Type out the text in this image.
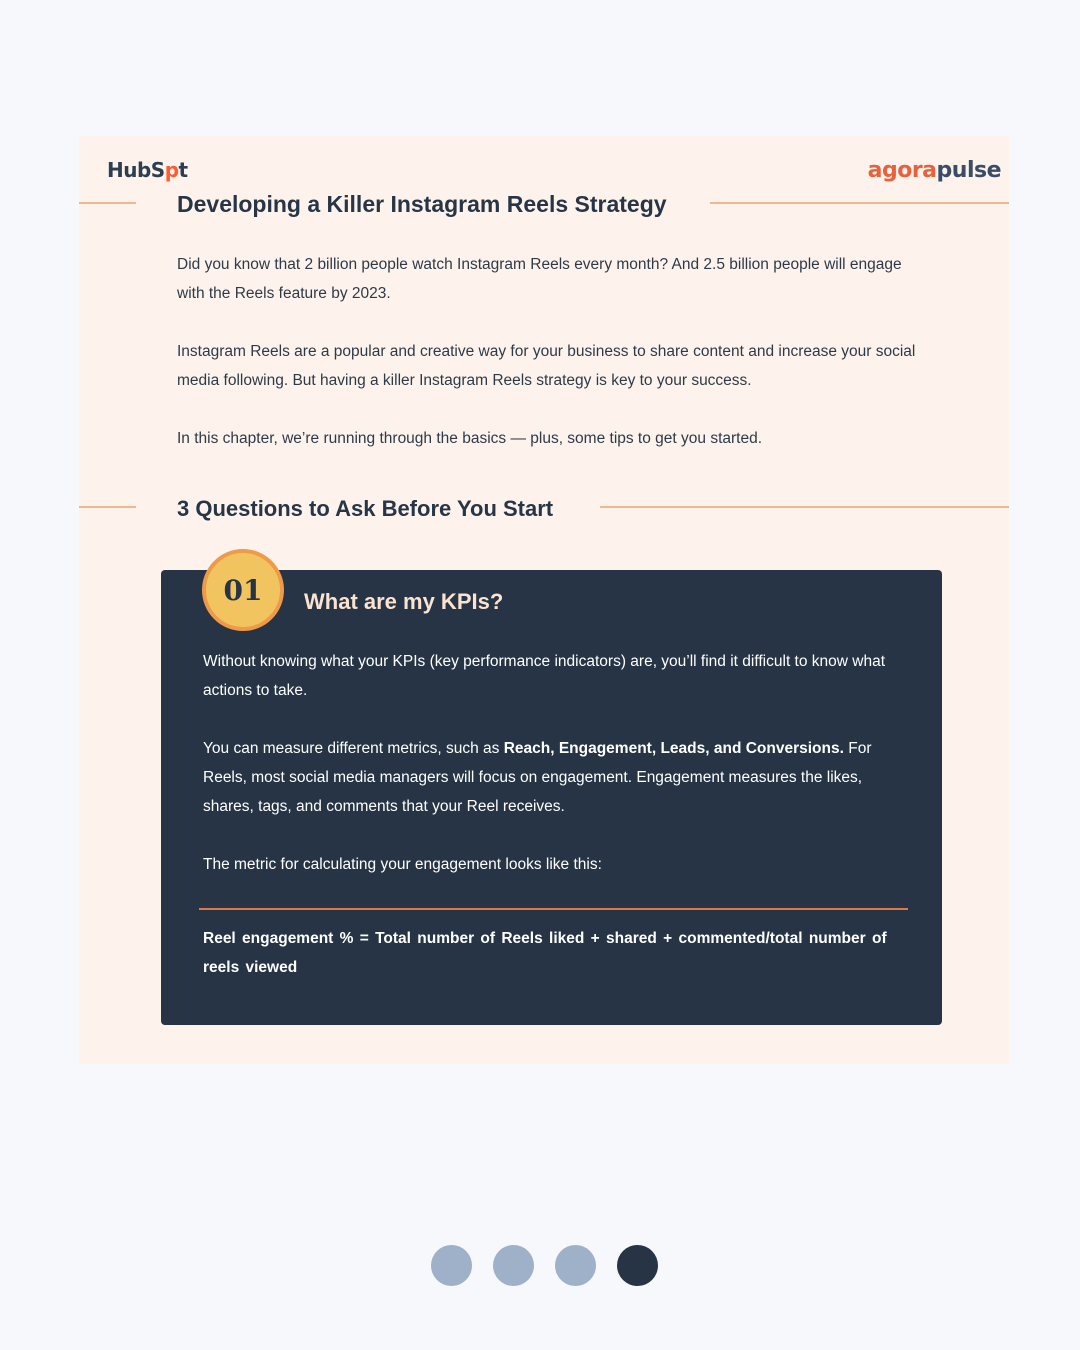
HubSpt	agorapulse
Developing a Killer Instagram Reels Strategy

Did you know that 2 billion people watch Instagram Reels every month? And 2.5 billion people will engage with the Reels feature by 2023.

Instagram Reels are a popular and creative way for your business to share content and increase your social media following. But having a killer Instagram Reels strategy is key to your success.

In this chapter, we’re running through the basics — plus, some tips to get you started.

3 Questions to Ask Before You Start
01	What are my KPIs?

Without knowing what your KPIs (key performance indicators) are, you’ll find it difficult to know what actions to take.

You can measure different metrics, such as Reach, Engagement, Leads, and Conversions. For Reels, most social media managers will focus on engagement. Engagement measures the likes, shares, tags, and comments that your Reel receives.

The metric for calculating your engagement looks like this:

Reel engagement % = Total number of Reels liked + shared + commented/total number of reels viewed
